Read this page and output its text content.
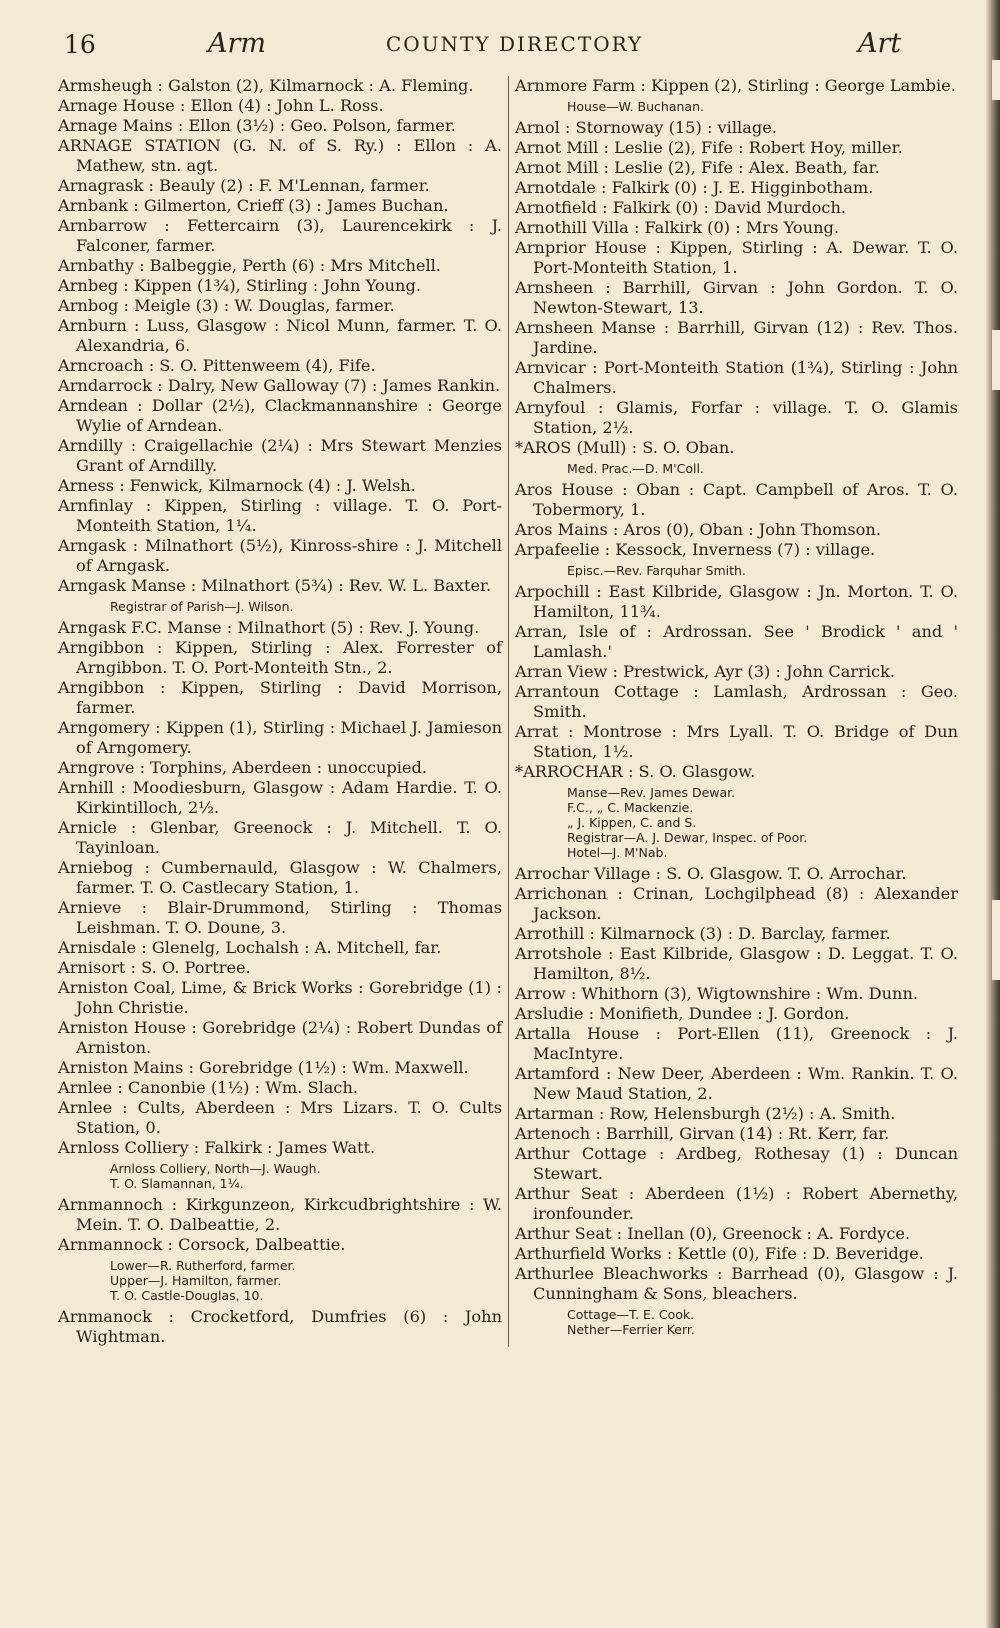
16	Arm	COUNTY DIRECTORY	Art

Armsheugh : Galston (2), Kilmarnock : A. Fleming.

Arnage House : Ellon (4) : John L. Ross.

Arnage Mains : Ellon (3½) : Geo. Polson, farmer.

ARNAGE STATION (G. N. of S. Ry.) : Ellon : A. Mathew, stn. agt.

Arnagrask : Beauly (2) : F. M'Lennan, farmer.

Arnbank : Gilmerton, Crieff (3) : James Buchan.

Arnbarrow : Fettercairn (3), Laurencekirk : J. Falconer, farmer.

Arnbathy : Balbeggie, Perth (6) : Mrs Mitchell.

Arnbeg : Kippen (1¾), Stirling : John Young.

Arnbog : Meigle (3) : W. Douglas, farmer.

Arnburn : Luss, Glasgow : Nicol Munn, farmer. T. O. Alexandria, 6.

Arncroach : S. O. Pittenweem (4), Fife.

Arndarrock : Dalry, New Galloway (7) : James Rankin.

Arndean : Dollar (2½), Clackmannanshire : George Wylie of Arndean.

Arndilly : Craigellachie (2¼) : Mrs Stewart Menzies Grant of Arndilly.

Arness : Fenwick, Kilmarnock (4) : J. Welsh.

Arnfinlay : Kippen, Stirling : village. T. O. Port-Monteith Station, 1¼.

Arngask : Milnathort (5½), Kinross-shire : J. Mitchell of Arngask.

Arngask Manse : Milnathort (5¾) : Rev. W. L. Baxter.

Registrar of Parish—J. Wilson.

Arngask F.C. Manse : Milnathort (5) : Rev. J. Young.

Arngibbon : Kippen, Stirling : Alex. Forrester of Arngibbon. T. O. Port-Monteith Stn., 2.

Arngibbon : Kippen, Stirling : David Morrison, farmer.

Arngomery : Kippen (1), Stirling : Michael J. Jamieson of Arngomery.

Arngrove : Torphins, Aberdeen : unoccupied.

Arnhill : Moodiesburn, Glasgow : Adam Hardie. T. O. Kirkintilloch, 2½.

Arnicle : Glenbar, Greenock : J. Mitchell. T. O. Tayinloan.

Arniebog : Cumbernauld, Glasgow : W. Chalmers, farmer. T. O. Castlecary Station, 1.

Arnieve : Blair-Drummond, Stirling : Thomas Leishman. T. O. Doune, 3.

Arnisdale : Glenelg, Lochalsh : A. Mitchell, far.

Arnisort : S. O. Portree.

Arniston Coal, Lime, & Brick Works : Gorebridge (1) : John Christie.

Arniston House : Gorebridge (2¼) : Robert Dundas of Arniston.

Arniston Mains : Gorebridge (1½) : Wm. Maxwell.

Arnlee : Canonbie (1½) : Wm. Slach.

Arnlee : Cults, Aberdeen : Mrs Lizars. T. O. Cults Station, 0.

Arnloss Colliery : Falkirk : James Watt.

Arnloss Colliery, North—J. Waugh.

T. O. Slamannan, 1¼.

Arnmannoch : Kirkgunzeon, Kirkcudbrightshire : W. Mein. T. O. Dalbeattie, 2.

Arnmannock : Corsock, Dalbeattie.

Lower—R. Rutherford, farmer.

Upper—J. Hamilton, farmer.

T. O. Castle-Douglas, 10.

Arnmanock : Crocketford, Dumfries (6) : John Wightman.

Arnmore Farm : Kippen (2), Stirling : George Lambie.

House—W. Buchanan.

Arnol : Stornoway (15) : village.

Arnot Mill : Leslie (2), Fife : Robert Hoy, miller.

Arnot Mill : Leslie (2), Fife : Alex. Beath, far.

Arnotdale : Falkirk (0) : J. E. Higginbotham.

Arnotfield : Falkirk (0) : David Murdoch.

Arnothill Villa : Falkirk (0) : Mrs Young.

Arnprior House : Kippen, Stirling : A. Dewar. T. O. Port-Monteith Station, 1.

Arnsheen : Barrhill, Girvan : John Gordon. T. O. Newton-Stewart, 13.

Arnsheen Manse : Barrhill, Girvan (12) : Rev. Thos. Jardine.

Arnvicar : Port-Monteith Station (1¾), Stirling : John Chalmers.

Arnyfoul : Glamis, Forfar : village. T. O. Glamis Station, 2½.

*AROS (Mull) : S. O. Oban.

Med. Prac.—D. M'Coll.

Aros House : Oban : Capt. Campbell of Aros. T. O. Tobermory, 1.

Aros Mains : Aros (0), Oban : John Thomson.

Arpafeelie : Kessock, Inverness (7) : village.

Episc.—Rev. Farquhar Smith.

Arpochill : East Kilbride, Glasgow : Jn. Morton. T. O. Hamilton, 11¾.

Arran, Isle of : Ardrossan. See ' Brodick ' and ' Lamlash.'

Arran View : Prestwick, Ayr (3) : John Carrick.

Arrantoun Cottage : Lamlash, Ardrossan : Geo. Smith.

Arrat : Montrose : Mrs Lyall. T. O. Bridge of Dun Station, 1½.

*ARROCHAR : S. O. Glasgow.

Manse—Rev. James Dewar.

F.C., „ C. Mackenzie.

„ J. Kippen, C. and S.

Registrar—A. J. Dewar, Inspec. of Poor.

Hotel—J. M'Nab.

Arrochar Village : S. O. Glasgow. T. O. Arrochar.

Arrichonan : Crinan, Lochgilphead (8) : Alexander Jackson.

Arrothill : Kilmarnock (3) : D. Barclay, farmer.

Arrotshole : East Kilbride, Glasgow : D. Leggat. T. O. Hamilton, 8½.

Arrow : Whithorn (3), Wigtownshire : Wm. Dunn.

Arsludie : Monifieth, Dundee : J. Gordon.

Artalla House : Port-Ellen (11), Greenock : J. MacIntyre.

Artamford : New Deer, Aberdeen : Wm. Rankin. T. O. New Maud Station, 2.

Artarman : Row, Helensburgh (2½) : A. Smith.

Artenoch : Barrhill, Girvan (14) : Rt. Kerr, far.

Arthur Cottage : Ardbeg, Rothesay (1) : Duncan Stewart.

Arthur Seat : Aberdeen (1½) : Robert Abernethy, ironfounder.

Arthur Seat : Inellan (0), Greenock : A. Fordyce.

Arthurfield Works : Kettle (0), Fife : D. Beveridge.

Arthurlee Bleachworks : Barrhead (0), Glasgow : J. Cunningham & Sons, bleachers.

Cottage—T. E. Cook.

Nether—Ferrier Kerr.
